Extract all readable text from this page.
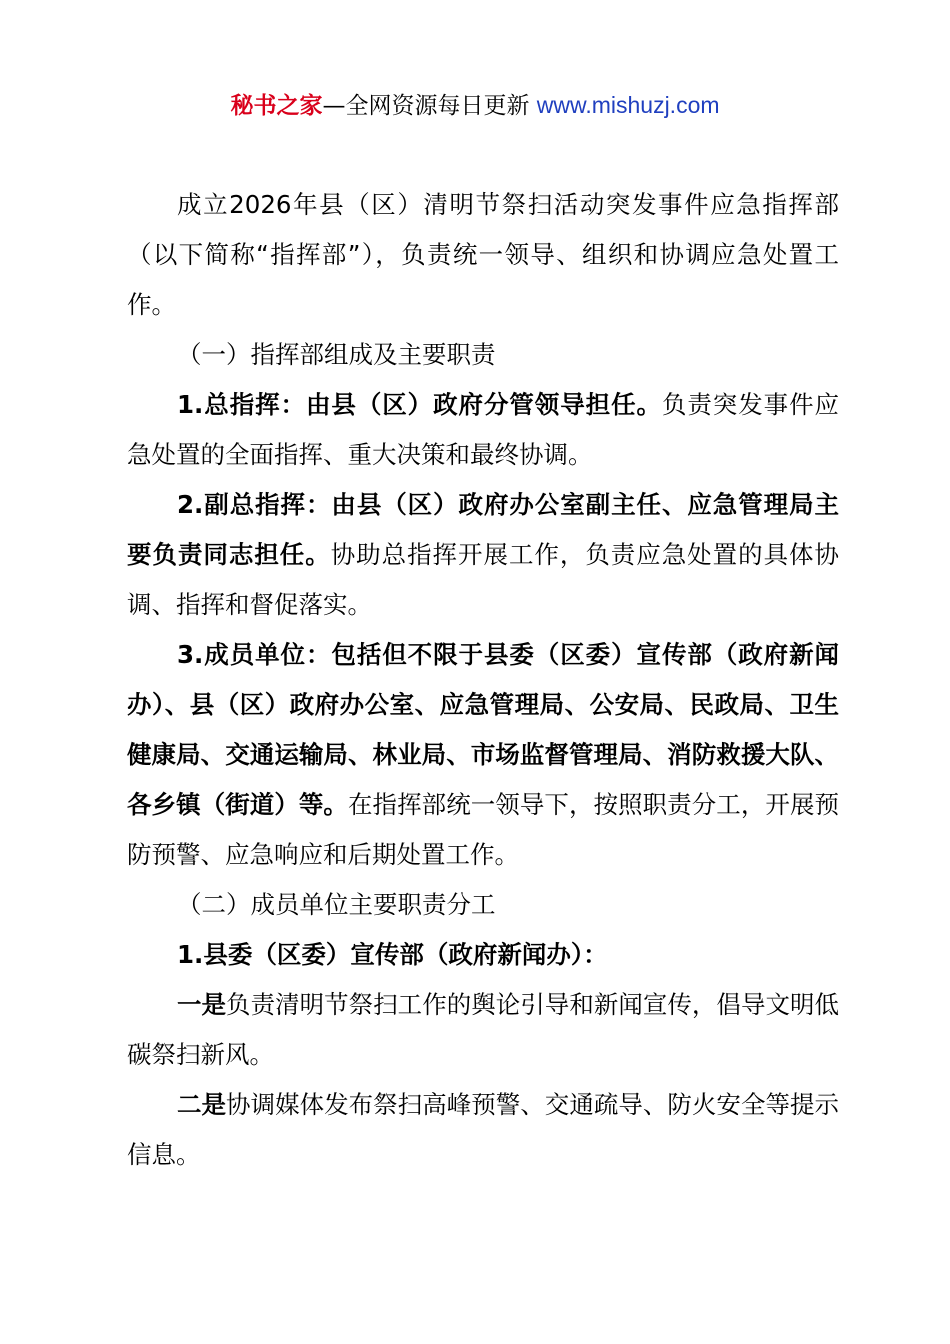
秘书之家—全网资源每日更新 www.mishuzj.com

成立2026年县（区）清明节祭扫活动突发事件应急指挥部（以下简称“指挥部”），负责统一领导、组织和协调应急处置工作。

（一）指挥部组成及主要职责

1.总指挥：由县（区）政府分管领导担任。负责突发事件应急处置的全面指挥、重大决策和最终协调。

2.副总指挥：由县（区）政府办公室副主任、应急管理局主要负责同志担任。协助总指挥开展工作，负责应急处置的具体协调、指挥和督促落实。

3.成员单位：包括但不限于县委（区委）宣传部（政府新闻办）、县（区）政府办公室、应急管理局、公安局、民政局、卫生健康局、交通运输局、林业局、市场监督管理局、消防救援大队、各乡镇（街道）等。在指挥部统一领导下，按照职责分工，开展预防预警、应急响应和后期处置工作。

（二）成员单位主要职责分工

1.县委（区委）宣传部（政府新闻办）：

一是负责清明节祭扫工作的舆论引导和新闻宣传，倡导文明低碳祭扫新风。

二是协调媒体发布祭扫高峰预警、交通疏导、防火安全等提示信息。
